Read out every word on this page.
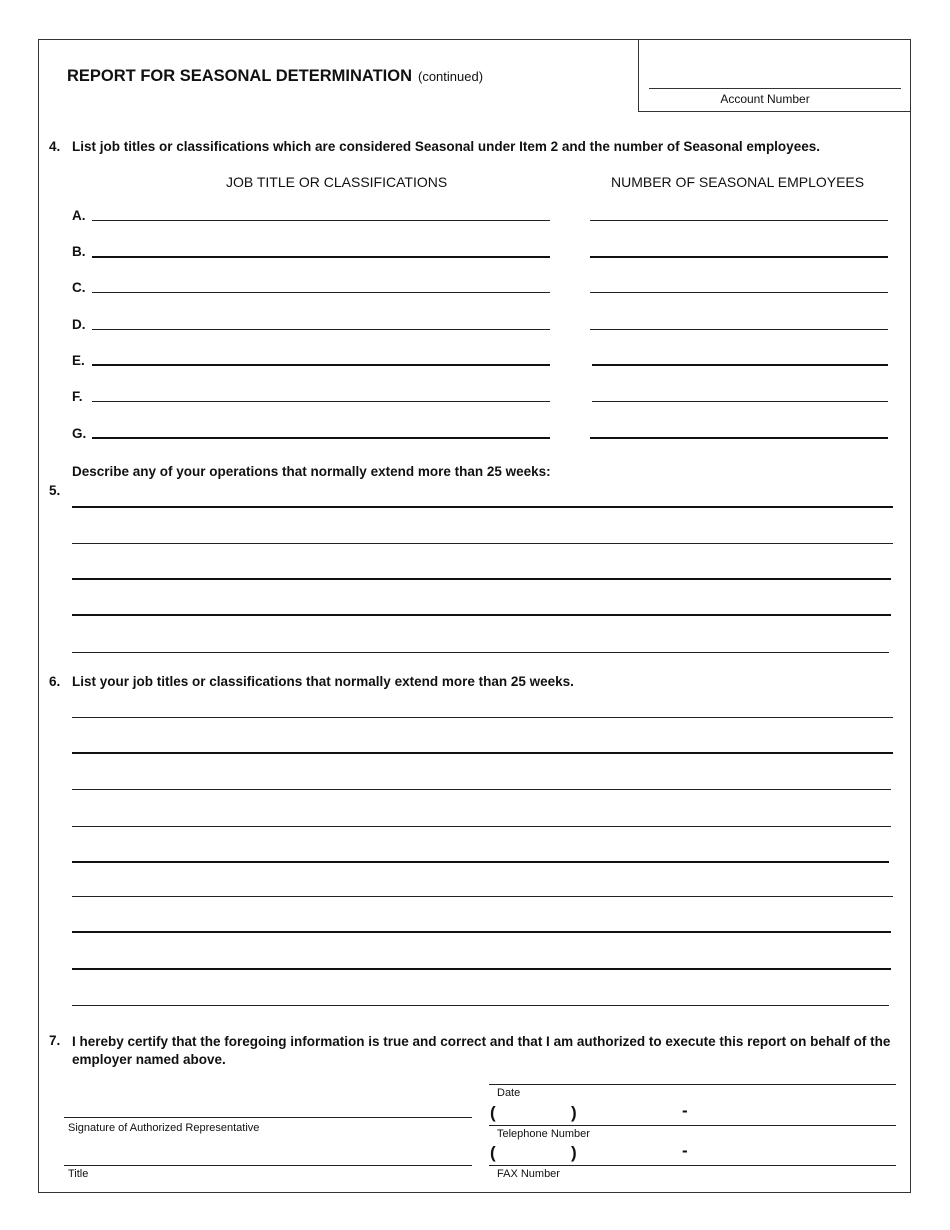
REPORT FOR SEASONAL DETERMINATION (continued)
Account Number
4. List job titles or classifications which are considered Seasonal under Item 2 and the number of Seasonal employees.
JOB TITLE OR CLASSIFICATIONS	NUMBER OF SEASONAL EMPLOYEES
A.
B.
C.
D.
E.
F.
G.
Describe any of your operations that normally extend more than 25 weeks:
5.
6. List your job titles or classifications that normally extend more than 25 weeks.
7. I hereby certify that the foregoing information is true and correct and that I am authorized to execute this report on behalf of the employer named above.
Date
(	)	-
Telephone Number
(	)	-
FAX Number
Signature of Authorized Representative
Title
